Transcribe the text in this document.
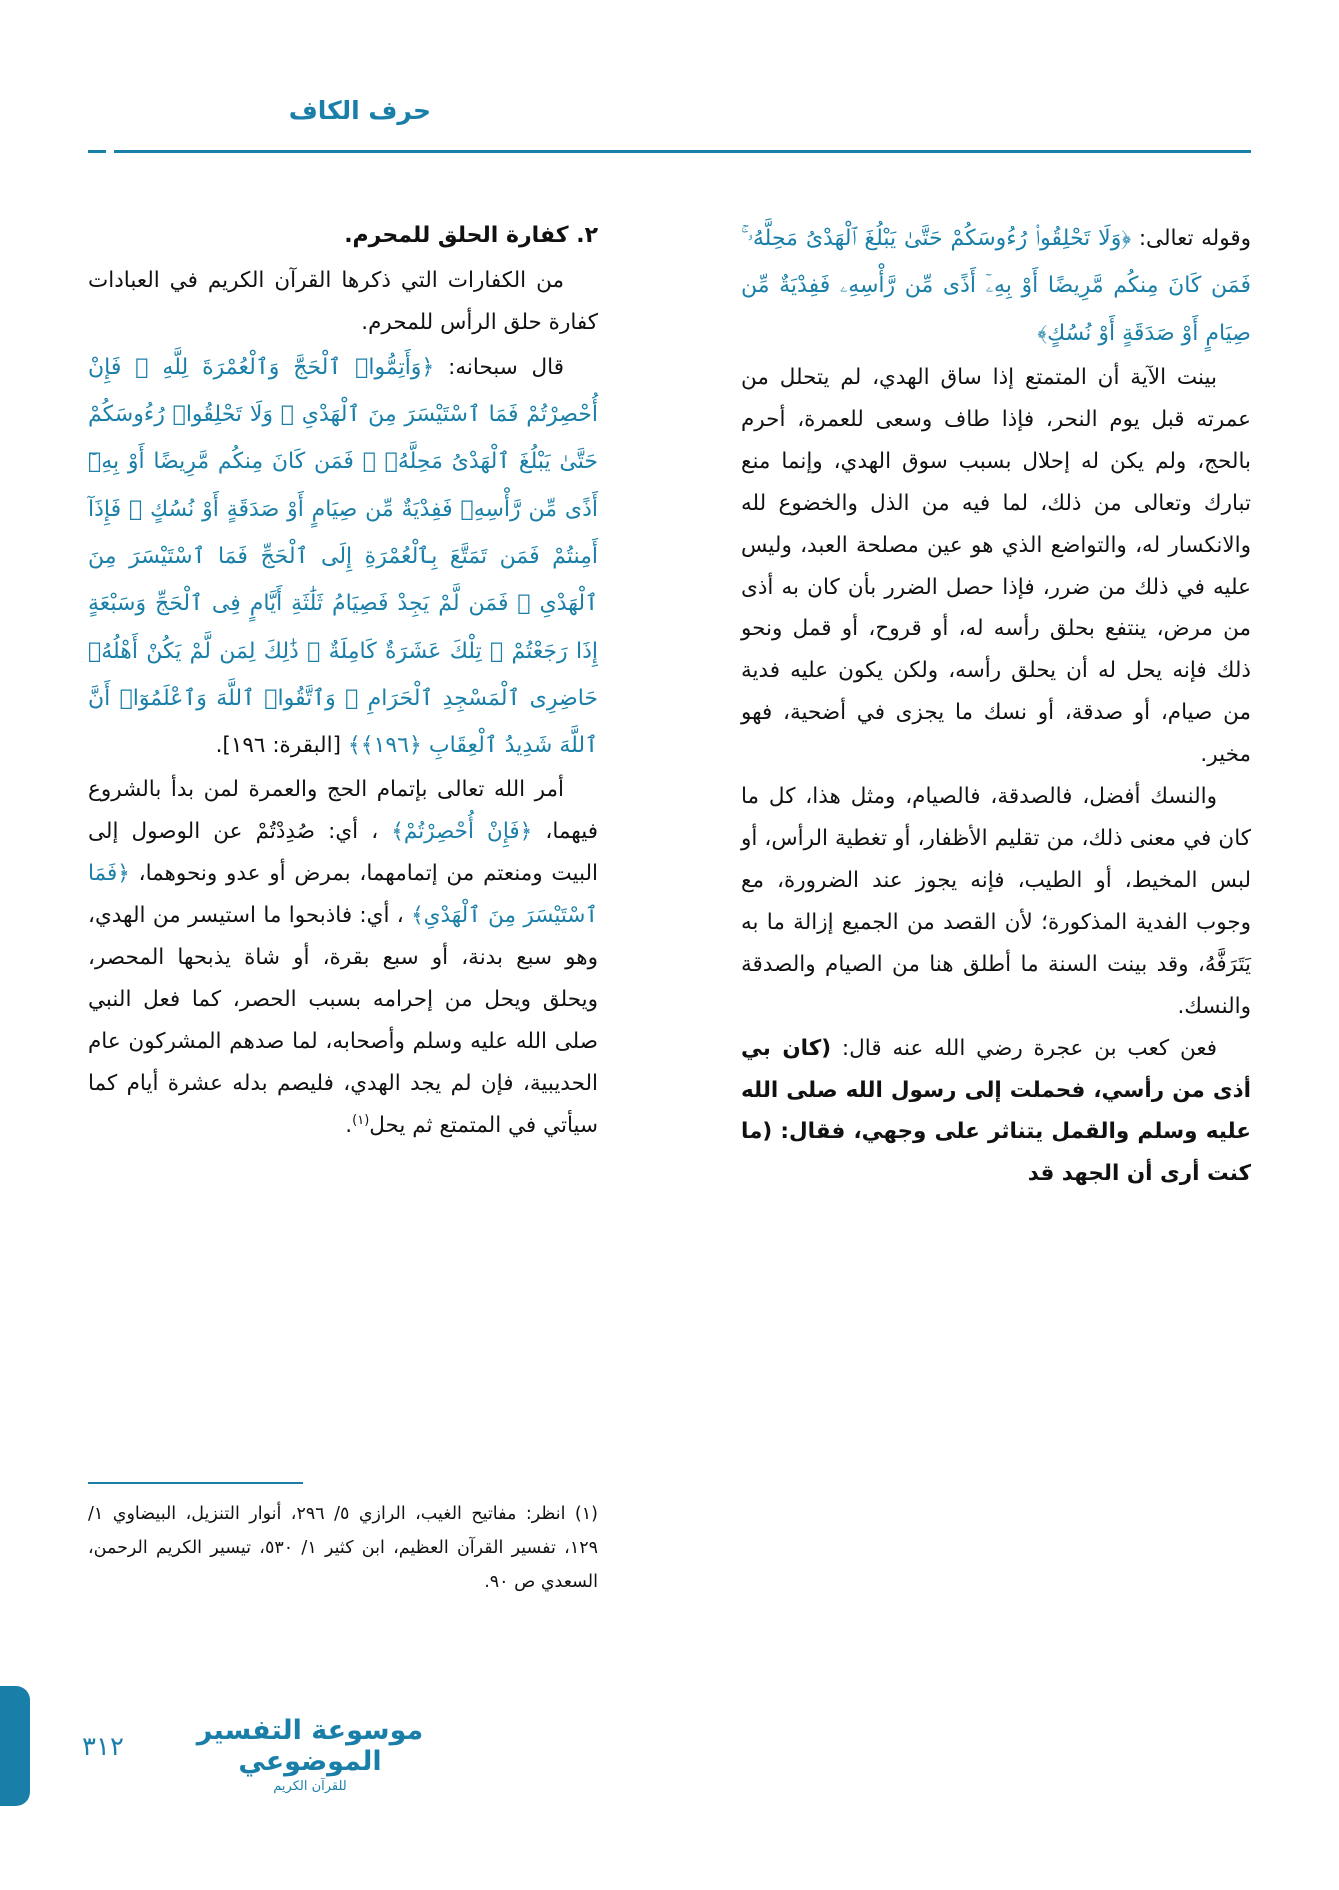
حرف الكاف

٢. كفارة الحلق للمحرم.

من الكفارات التي ذكرها القرآن الكريم في العبادات كفارة حلق الرأس للمحرم.

قال سبحانه: ﴿وَأَتِمُّوا۟ ٱلْحَجَّ وَٱلْعُمْرَةَ لِلَّهِ ۚ فَإِنْ أُحْصِرْتُمْ فَمَا ٱسْتَيْسَرَ مِنَ ٱلْهَدْىِ ۖ وَلَا تَحْلِقُوا۟ رُءُوسَكُمْ حَتَّىٰ يَبْلُغَ ٱلْهَدْىُ مَحِلَّهُۥ ۚ فَمَن كَانَ مِنكُم مَّرِيضًا أَوْ بِهِۦٓ أَذًى مِّن رَّأْسِهِۦ فَفِدْيَةٌ مِّن صِيَامٍ أَوْ صَدَقَةٍ أَوْ نُسُكٍ ۚ فَإِذَآ أَمِنتُمْ فَمَن تَمَتَّعَ بِٱلْعُمْرَةِ إِلَى ٱلْحَجِّ فَمَا ٱسْتَيْسَرَ مِنَ ٱلْهَدْىِ ۚ فَمَن لَّمْ يَجِدْ فَصِيَامُ ثَلَٰثَةِ أَيَّامٍ فِى ٱلْحَجِّ وَسَبْعَةٍ إِذَا رَجَعْتُمْ ۗ تِلْكَ عَشَرَةٌ كَامِلَةٌ ۗ ذَٰلِكَ لِمَن لَّمْ يَكُنْ أَهْلُهُۥ حَاضِرِى ٱلْمَسْجِدِ ٱلْحَرَامِ ۚ وَٱتَّقُوا۟ ٱللَّهَ وَٱعْلَمُوٓا۟ أَنَّ ٱللَّهَ شَدِيدُ ٱلْعِقَابِ ﴿١٩٦﴾﴾ [البقرة: ١٩٦].

أمر الله تعالى بإتمام الحج والعمرة لمن بدأ بالشروع فيهما، ﴿فَإِنْ أُحْصِرْتُمْ﴾ ، أي: صُدِدْتُمْ عن الوصول إلى البيت ومنعتم من إتمامهما، بمرض أو عدو ونحوهما، ﴿فَمَا ٱسْتَيْسَرَ مِنَ ٱلْهَدْىِ﴾ ، أي: فاذبحوا ما استيسر من الهدي، وهو سبع بدنة، أو سبع بقرة، أو شاة يذبحها المحصر، ويحلق ويحل من إحرامه بسبب الحصر، كما فعل النبي صلى الله عليه وسلم وأصحابه، لما صدهم المشركون عام الحديبية، فإن لم يجد الهدي، فليصم بدله عشرة أيام كما سيأتي في المتمتع ثم يحل$^{(١)}$.

وقوله تعالى: ﴿وَلَا تَحْلِقُوا۟ رُءُوسَكُمْ حَتَّىٰ يَبْلُغَ ٱلْهَدْىُ مَحِلَّهُۥ ۚ فَمَن كَانَ مِنكُم مَّرِيضًا أَوْ بِهِۦٓ أَذًى مِّن رَّأْسِهِۦ فَفِدْيَةٌ مِّن صِيَامٍ أَوْ صَدَقَةٍ أَوْ نُسُكٍ﴾

بينت الآية أن المتمتع إذا ساق الهدي، لم يتحلل من عمرته قبل يوم النحر، فإذا طاف وسعى للعمرة، أحرم بالحج، ولم يكن له إحلال بسبب سوق الهدي، وإنما منع تبارك وتعالى من ذلك، لما فيه من الذل والخضوع لله والانكسار له، والتواضع الذي هو عين مصلحة العبد، وليس عليه في ذلك من ضرر، فإذا حصل الضرر بأن كان به أذى من مرض، ينتفع بحلق رأسه له، أو قروح، أو قمل ونحو ذلك فإنه يحل له أن يحلق رأسه، ولكن يكون عليه فدية من صيام، أو صدقة، أو نسك ما يجزى في أضحية، فهو مخير.

والنسك أفضل، فالصدقة، فالصيام، ومثل هذا، كل ما كان في معنى ذلك، من تقليم الأظفار، أو تغطية الرأس، أو لبس المخيط، أو الطيب، فإنه يجوز عند الضرورة، مع وجوب الفدية المذكورة؛ لأن القصد من الجميع إزالة ما به يَتَرَفَّهُ، وقد بينت السنة ما أطلق هنا من الصيام والصدقة والنسك.

فعن كعب بن عجرة رضي الله عنه قال: (كان بي أذى من رأسي، فحملت إلى رسول الله صلى الله عليه وسلم والقمل يتناثر على وجهي، فقال: (ما كنت أرى أن الجهد قد

(١) انظر: مفاتيح الغيب، الرازي ٥/ ٢٩٦، أنوار التنزيل، البيضاوي ١/ ١٢٩، تفسير القرآن العظيم، ابن كثير ١/ ٥٣٠، تيسير الكريم الرحمن، السعدي ص ٩٠.
٣١٢
موسوعة التفسير الموضوعي
للقرآن الكريم
